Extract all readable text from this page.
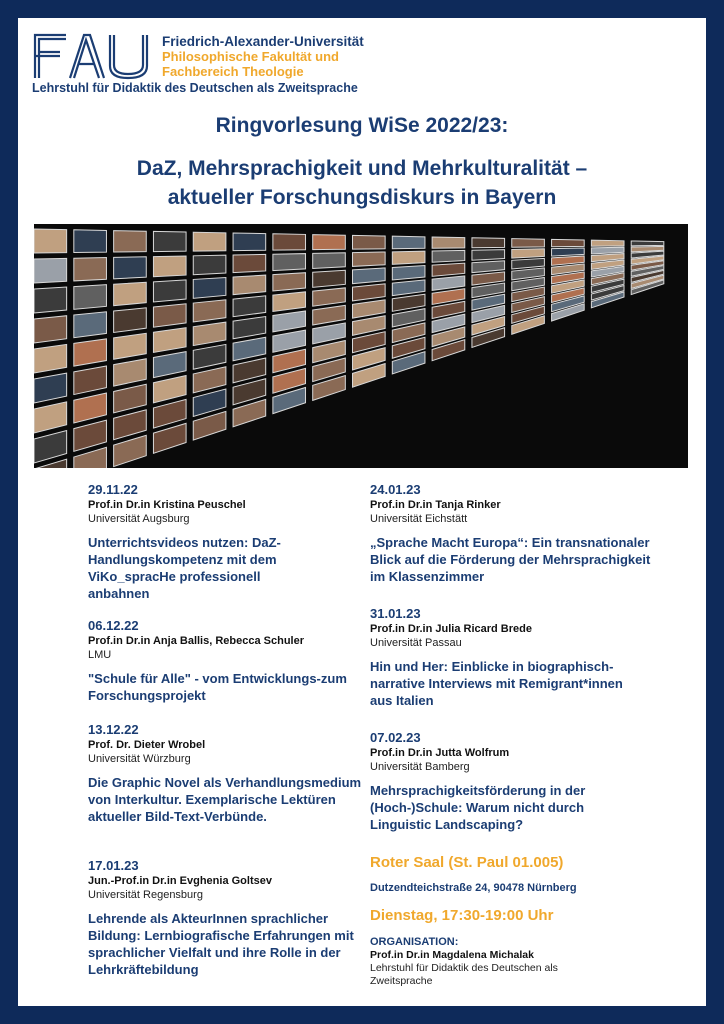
Friedrich-Alexander-Universität
Philosophische Fakultät und Fachbereich Theologie
Lehrstuhl für Didaktik des Deutschen als Zweitsprache
Ringvorlesung WiSe 2022/23:
DaZ, Mehrsprachigkeit und Mehrkulturalität –
aktueller Forschungsdiskurs in Bayern
29.11.22
Prof.in Dr.in Kristina Peuschel
Universität Augsburg
Unterrichtsvideos nutzen: DaZ-Handlungskompetenz mit dem ViKo_spracHe professionell anbahnen
06.12.22
Prof.in Dr.in Anja Ballis, Rebecca Schuler
LMU
"Schule für Alle" - vom Entwicklungs-zum Forschungsprojekt
13.12.22
Prof. Dr. Dieter Wrobel
Universität Würzburg
Die Graphic Novel als Verhandlungsmedium von Interkultur. Exemplarische Lektüren aktueller Bild-Text-Verbünde.
17.01.23
Jun.-Prof.in Dr.in Evghenia Goltsev
Universität Regensburg
Lehrende als AkteurInnen sprachlicher Bildung: Lernbiografische Erfahrungen mit sprachlicher Vielfalt und ihre Rolle in der Lehrkräftebildung
24.01.23
Prof.in Dr.in Tanja Rinker
Universität Eichstätt
„Sprache Macht Europa“: Ein transnationaler Blick auf die Förderung der Mehrsprachigkeit im Klassenzimmer
31.01.23
Prof.in Dr.in Julia Ricard Brede
Universität Passau
Hin und Her: Einblicke in biographisch-narrative Interviews mit Remigrant*innen aus Italien
07.02.23
Prof.in Dr.in Jutta Wolfrum
Universität Bamberg
Mehrsprachigkeitsförderung in der (Hoch-)Schule: Warum nicht durch Linguistic Landscaping?
Roter Saal (St. Paul 01.005)
Dutzendteichstraße 24, 90478 Nürnberg
Dienstag, 17:30-19:00 Uhr
ORGANISATION:
Prof.in Dr.in Magdalena Michalak
Lehrstuhl für Didaktik des Deutschen als Zweitsprache
